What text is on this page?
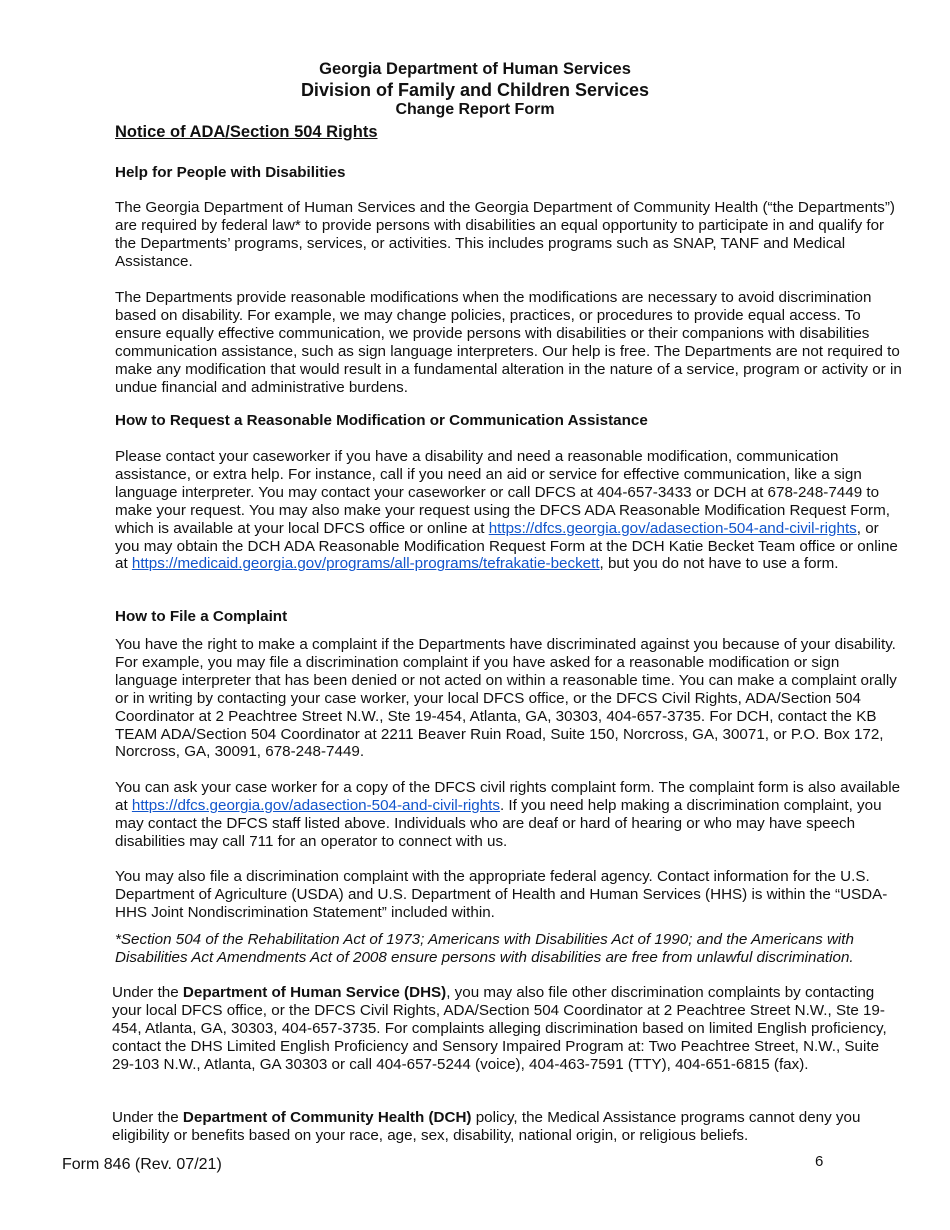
Georgia Department of Human Services
Division of Family and Children Services
Change Report Form
Notice of ADA/Section 504 Rights
Help for People with Disabilities

The Georgia Department of Human Services and the Georgia Department of Community Health (“the Departments”) are required by federal law* to provide persons with disabilities an equal opportunity to participate in and qualify for the Departments’ programs, services, or activities. This includes programs such as SNAP, TANF and Medical Assistance.

The Departments provide reasonable modifications when the modifications are necessary to avoid discrimination based on disability. For example, we may change policies, practices, or procedures to provide equal access. To ensure equally effective communication, we provide persons with disabilities or their companions with disabilities communication assistance, such as sign language interpreters. Our help is free. The Departments are not required to make any modification that would result in a fundamental alteration in the nature of a service, program or activity or in undue financial and administrative burdens.

How to Request a Reasonable Modification or Communication Assistance

Please contact your caseworker if you have a disability and need a reasonable modification, communication assistance, or extra help. For instance, call if you need an aid or service for effective communication, like a sign language interpreter. You may contact your caseworker or call DFCS at 404-657-3433 or DCH at 678-248-7449 to make your request. You may also make your request using the DFCS ADA Reasonable Modification Request Form, which is available at your local DFCS office or online at https://dfcs.georgia.gov/adasection-504-and-civil-rights, or you may obtain the DCH ADA Reasonable Modification Request Form at the DCH Katie Becket Team office or online at https://medicaid.georgia.gov/programs/all-programs/tefrakatie-beckett, but you do not have to use a form.

How to File a Complaint

You have the right to make a complaint if the Departments have discriminated against you because of your disability. For example, you may file a discrimination complaint if you have asked for a reasonable modification or sign language interpreter that has been denied or not acted on within a reasonable time. You can make a complaint orally or in writing by contacting your case worker, your local DFCS office, or the DFCS Civil Rights, ADA/Section 504 Coordinator at 2 Peachtree Street N.W., Ste 19-454, Atlanta, GA, 30303, 404-657-3735. For DCH, contact the KB TEAM ADA/Section 504 Coordinator at 2211 Beaver Ruin Road, Suite 150, Norcross, GA, 30071, or P.O. Box 172, Norcross, GA, 30091, 678-248-7449.

You can ask your case worker for a copy of the DFCS civil rights complaint form. The complaint form is also available at https://dfcs.georgia.gov/adasection-504-and-civil-rights. If you need help making a discrimination complaint, you may contact the DFCS staff listed above. Individuals who are deaf or hard of hearing or who may have speech disabilities may call 711 for an operator to connect with us.

You may also file a discrimination complaint with the appropriate federal agency. Contact information for the U.S. Department of Agriculture (USDA) and U.S. Department of Health and Human Services (HHS) is within the “USDA-HHS Joint Nondiscrimination Statement” included within.

*Section 504 of the Rehabilitation Act of 1973; Americans with Disabilities Act of 1990; and the Americans with Disabilities Act Amendments Act of 2008 ensure persons with disabilities are free from unlawful discrimination.

Under the Department of Human Service (DHS), you may also file other discrimination complaints by contacting your local DFCS office, or the DFCS Civil Rights, ADA/Section 504 Coordinator at 2 Peachtree Street N.W., Ste 19-454, Atlanta, GA, 30303, 404-657-3735. For complaints alleging discrimination based on limited English proficiency, contact the DHS Limited English Proficiency and Sensory Impaired Program at: Two Peachtree Street, N.W., Suite 29-103 N.W., Atlanta, GA 30303 or call 404-657-5244 (voice), 404-463-7591 (TTY), 404-651-6815 (fax).

Under the Department of Community Health (DCH) policy, the Medical Assistance programs cannot deny you eligibility or benefits based on your race, age, sex, disability, national origin, or religious beliefs.

Form 846 (Rev. 07/21)	6
